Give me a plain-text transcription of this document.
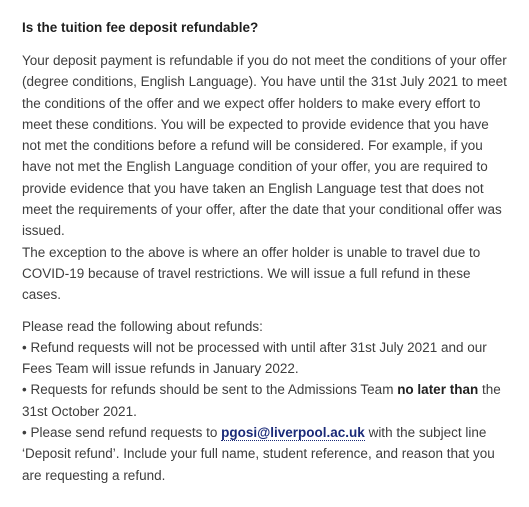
Is the tuition fee deposit refundable?

Your deposit payment is refundable if you do not meet the conditions of your offer (degree conditions, English Language). You have until the 31st July 2021 to meet the conditions of the offer and we expect offer holders to make every effort to meet these conditions. You will be expected to provide evidence that you have not met the conditions before a refund will be considered. For example, if you have not met the English Language condition of your offer, you are required to provide evidence that you have taken an English Language test that does not meet the requirements of your offer, after the date that your conditional offer was issued.

The exception to the above is where an offer holder is unable to travel due to COVID-19 because of travel restrictions. We will issue a full refund in these cases.

Please read the following about refunds:

• Refund requests will not be processed with until after 31st July 2021 and our Fees Team will issue refunds in January 2022.
• Requests for refunds should be sent to the Admissions Team no later than the 31st October 2021.
• Please send refund requests to pgosi@liverpool.ac.uk with the subject line ‘Deposit refund’. Include your full name, student reference, and reason that you are requesting a refund.
